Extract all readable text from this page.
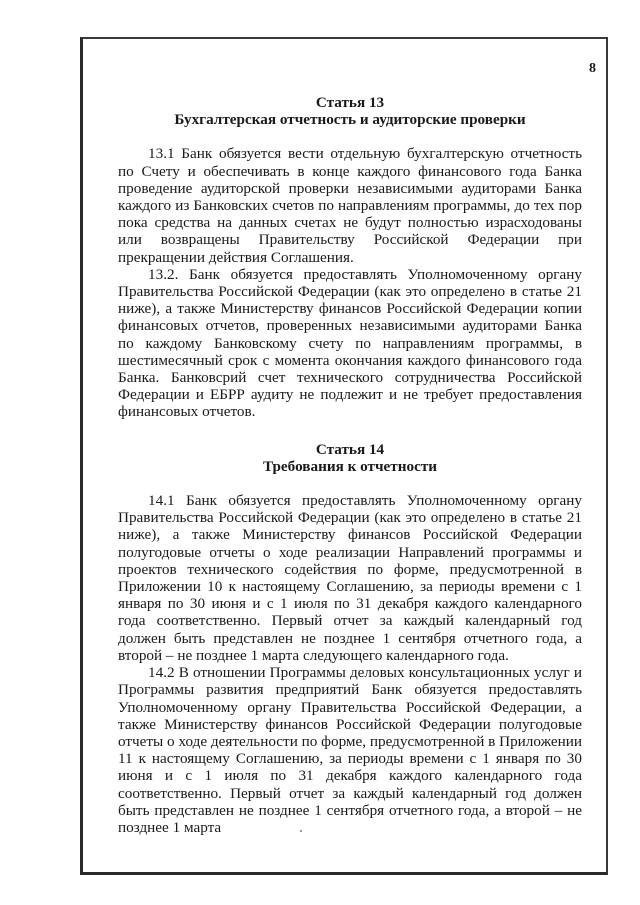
8
Статья 13
Бухгалтерская отчетность и аудиторские проверки

13.1 Банк обязуется вести отдельную бухгалтерскую отчетность по Счету и обеспечивать в конце каждого финансового года Банка проведение аудиторской проверки независимыми аудиторами Банка каждого из Банковских счетов по направлениям программы, до тех пор пока средства на данных счетах не будут полностью израсходованы или возвращены Правительству Российской Федерации при прекращении действия Соглашения.

13.2. Банк обязуется предоставлять Уполномоченному органу Правительства Российской Федерации (как это определено в статье 21 ниже), а также Министерству финансов Российской Федерации копии финансовых отчетов, проверенных независимыми аудиторами Банка по каждому Банковскому счету по направлениям программы, в шестимесячный срок с момента окончания каждого финансового года Банка. Банковсрий счет технического сотрудничества Российской Федерации и ЕБРР аудиту не подлежит и не требует предоставления финансовых отчетов.

Статья 14
Требования к отчетности

14.1 Банк обязуется предоставлять Уполномоченному органу Правительства Российской Федерации (как это определено в статье 21 ниже), а также Министерству финансов Российской Федерации полугодовые отчеты о ходе реализации Направлений программы и проектов технического содействия по форме, предусмотренной в Приложении 10 к настоящему Соглашению, за периоды времени с 1 января по 30 июня и с 1 июля по 31 декабря каждого календарного года соответственно. Первый отчет за каждый календарный год должен быть представлен не позднее 1 сентября отчетного года, а второй – не позднее 1 марта следующего календарного года.

14.2 В отношении Программы деловых консультационных услуг и Программы развития предприятий Банк обязуется предоставлять Уполномоченному органу Правительства Российской Федерации, а также Министерству финансов Российской Федерации полугодовые отчеты о ходе деятельности по форме, предусмотренной в Приложении 11 к настоящему Соглашению, за периоды времени с 1 января по 30 июня и с 1 июля по 31 декабря каждого календарного года соответственно. Первый отчет за каждый календарный год должен быть представлен не позднее 1 сентября отчетного года, а второй – не позднее 1 марта
